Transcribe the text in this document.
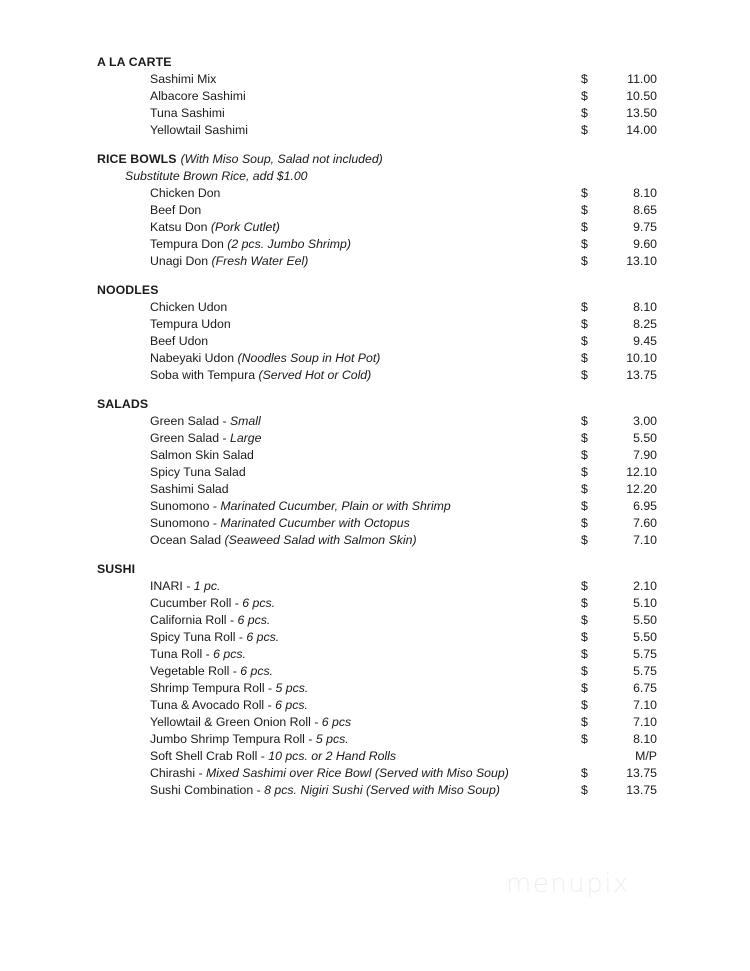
A LA CARTE
Sashimi Mix	$	11.00
Albacore Sashimi	$	10.50
Tuna Sashimi	$	13.50
Yellowtail Sashimi	$	14.00
RICE BOWLS (With Miso Soup, Salad not included)
Substitute Brown Rice, add $1.00
Chicken Don	$	8.10
Beef Don	$	8.65
Katsu Don (Pork Cutlet)	$	9.75
Tempura Don (2 pcs. Jumbo Shrimp)	$	9.60
Unagi Don (Fresh Water Eel)	$	13.10
NOODLES
Chicken Udon	$	8.10
Tempura Udon	$	8.25
Beef Udon	$	9.45
Nabeyaki Udon (Noodles Soup in Hot Pot)	$	10.10
Soba with Tempura (Served Hot or Cold)	$	13.75
SALADS
Green Salad - Small	$	3.00
Green Salad - Large	$	5.50
Salmon Skin Salad	$	7.90
Spicy Tuna Salad	$	12.10
Sashimi Salad	$	12.20
Sunomono - Marinated Cucumber, Plain or with Shrimp	$	6.95
Sunomono - Marinated Cucumber with Octopus	$	7.60
Ocean Salad (Seaweed Salad with Salmon Skin)	$	7.10
SUSHI
INARI - 1 pc.	$	2.10
Cucumber Roll - 6 pcs.	$	5.10
California Roll - 6 pcs.	$	5.50
Spicy Tuna Roll - 6 pcs.	$	5.50
Tuna Roll - 6 pcs.	$	5.75
Vegetable Roll - 6 pcs.	$	5.75
Shrimp Tempura Roll - 5 pcs.	$	6.75
Tuna & Avocado Roll - 6 pcs.	$	7.10
Yellowtail & Green Onion Roll - 6 pcs	$	7.10
Jumbo Shrimp Tempura Roll - 5 pcs.	$	8.10
Soft Shell Crab Roll - 10 pcs. or 2 Hand Rolls	M/P
Chirashi - Mixed Sashimi over Rice Bowl (Served with Miso Soup)	$	13.75
Sushi Combination - 8 pcs. Nigiri Sushi (Served with Miso Soup)	$	13.75
menupix
